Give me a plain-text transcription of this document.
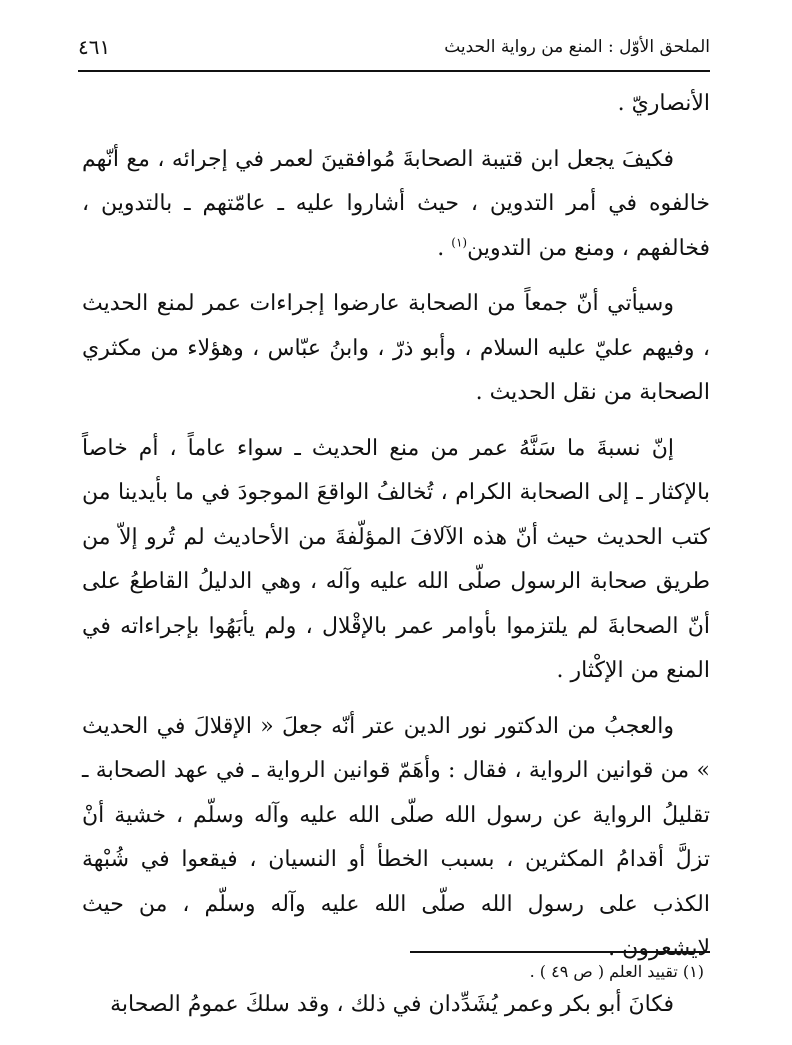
الملحق الأوّل : المنع من رواية الحديث
٤٦١

الأنصاريّ .

فكيفَ يجعل ابن قتيبة الصحابةَ مُوافقينَ لعمر في إجرائه ، مع أنّهم خالفوه في أمر التدوين ، حيث أشاروا عليه ـ عامّتهم ـ بالتدوين ، فخالفهم ، ومنع من التدوين$^{(١)}$ .

وسيأتي أنّ جمعاً من الصحابة عارضوا إجراءات عمر لمنع الحديث ، وفيهم عليّ عليه السلام ، وأبو ذرّ ، وابنُ عبّاس ، وهؤلاء من مكثري الصحابة من نقل الحديث .

إنّ نسبةَ ما سَنَّهُ عمر من منع الحديث ـ سواء عاماً ، أم خاصاً بالإكثار ـ إلى الصحابة الكرام ، تُخالفُ الواقعَ الموجودَ في ما بأيدينا من كتب الحديث حيث أنّ هذه الآلافَ المؤلّفةَ من الأحاديث لم تُرو إلاّ من طريق صحابة الرسول صلّى الله عليه وآله ، وهي الدليلُ القاطعُ على أنّ الصحابةَ لم يلتزموا بأوامر عمر بالإقْلال ، ولم يأبَهُوا بإجراءاته في المنع من الإكْثار .

والعجبُ من الدكتور نور الدين عتر أنّه جعلَ « الإقلالَ في الحديث » من قوانين الرواية ، فقال : وأهَمّ قوانين الرواية ـ في عهد الصحابة ـ تقليلُ الرواية عن رسول الله صلّى الله عليه وآله وسلّم ، خشية أنْ تزلَّ أقدامُ المكثرين ، بسبب الخطأ أو النسيان ، فيقعوا في شُبْهة الكذب على رسول الله صلّى الله عليه وآله وسلّم ، من حيث لايشعرون .

فكانَ أبو بكر وعمر يُشَدِّدان في ذلك ، وقد سلكَ عمومُ الصحابة

(١) تقييد العلم ( ص ٤٩ ) .
